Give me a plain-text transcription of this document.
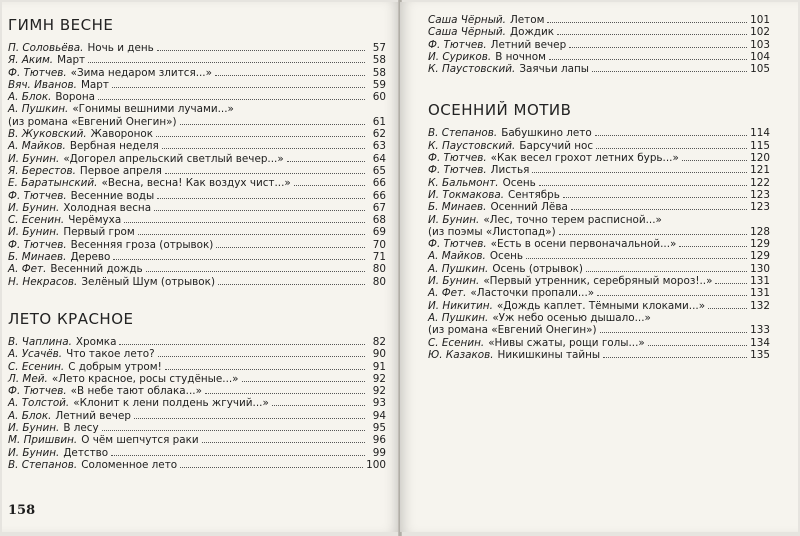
ГИМН ВЕСНЕ
П. Соловьёва. Ночь и день	57
Я. Аким. Март	58
Ф. Тютчев. «Зима недаром злится...»	58
Вяч. Иванов. Март	59
А. Блок. Ворона	60
А. Пушкин. «Гонимы вешними лучами...»
(из романа «Евгений Онегин»)	61
В. Жуковский. Жаворонок	62
А. Майков. Вербная неделя	63
И. Бунин. «Догорел апрельский светлый вечер...»	64
Я. Берестов. Первое апреля	65
Е. Баратынский. «Весна, весна! Как воздух чист...»	66
Ф. Тютчев. Весенние воды	66
И. Бунин. Холодная весна	67
С. Есенин. Черёмуха	68
И. Бунин. Первый гром	69
Ф. Тютчев. Весенняя гроза (отрывок)	70
Б. Минаев. Дерево	71
А. Фет. Весенний дождь	80
Н. Некрасов. Зелёный Шум (отрывок)	80
ЛЕТО КРАСНОЕ
В. Чаплина. Хромка	82
А. Усачёв. Что такое лето?	90
С. Есенин. С добрым утром!	91
Л. Мей. «Лето красное, росы студёные...»	92
Ф. Тютчев. «В небе тают облака...»	92
А. Толстой. «Клонит к лени полдень жгучий...»	93
А. Блок. Летний вечер	94
И. Бунин. В лесу	95
М. Пришвин. О чём шепчутся раки	96
И. Бунин. Детство	99
В. Степанов. Соломенное лето	100
158
Саша Чёрный. Летом	101
Саша Чёрный. Дождик	102
Ф. Тютчев. Летний вечер	103
И. Суриков. В ночном	104
К. Паустовский. Заячьи лапы	105
ОСЕННИЙ МОТИВ
В. Степанов. Бабушкино лето	114
К. Паустовский. Барсучий нос	115
Ф. Тютчев. «Как весел грохот летних бурь...»	120
Ф. Тютчев. Листья	121
К. Бальмонт. Осень	122
И. Токмакова. Сентябрь	123
Б. Минаев. Осенний Лёва	123
И. Бунин. «Лес, точно терем расписной...»
(из поэмы «Листопад»)	128
Ф. Тютчев. «Есть в осени первоначальной...»	129
А. Майков. Осень	129
А. Пушкин. Осень (отрывок)	130
И. Бунин. «Первый утренник, серебряный мороз!..»	131
А. Фет. «Ласточки пропали...»	131
И. Никитин. «Дождь каплет. Тёмными клоками...»	132
А. Пушкин. «Уж небо осенью дышало...»
(из романа «Евгений Онегин»)	133
С. Есенин. «Нивы сжаты, рощи голы...»	134
Ю. Казаков. Никишкины тайны	135
